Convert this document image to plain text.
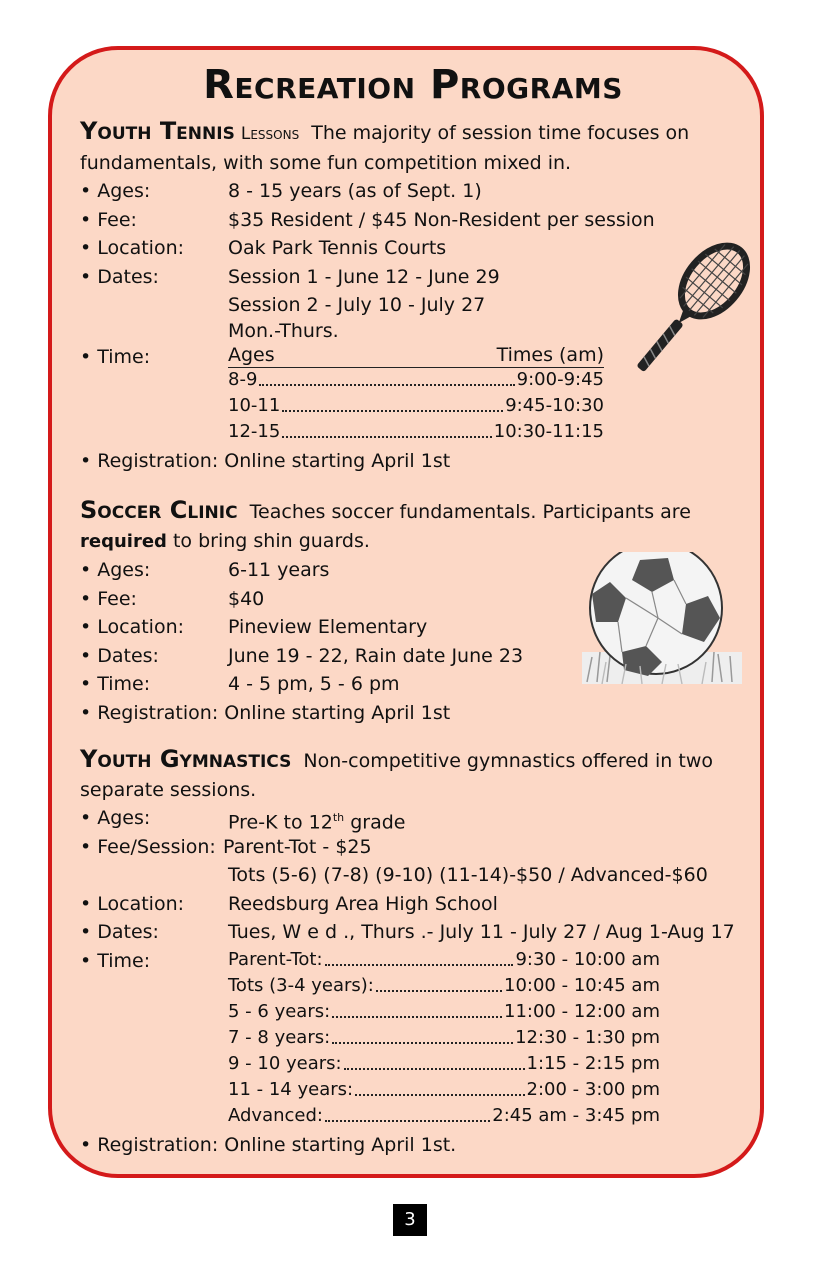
Recreation Programs

Youth Tennis Lessons The majority of session time focuses on fundamentals, with some fun competition mixed in.

• Ages:	8 - 15 years (as of Sept. 1)
• Fee:	$35 Resident / $45 Non-Resident per session
• Location: Oak Park Tennis Courts
• Dates:	Session 1 - June 12 - June 29
Session 2 - July 10 - July 27
Mon.-Thurs.
• Time:	Ages	Times (am)
8-9	9:00-9:45
10-11	9:45-10:30
12-15	10:30-11:15
• Registration: Online starting April 1st

Soccer Clinic Teaches soccer fundamentals. Participants are
required to bring shin guards.

• Ages:	6-11 years
• Fee:	$40
• Location: Pineview Elementary
• Dates:	June 19 - 22, Rain date June 23
• Time:	4 - 5 pm, 5 - 6 pm
• Registration: Online starting April 1st

Youth Gymnastics Non-competitive gymnastics offered in two separate sessions.

• Ages:	Pre-K to 12th grade
• Fee/Session: Parent-Tot - $25
Tots (5-6) (7-8) (9-10) (11-14)-$50 / Advanced-$60
• Location: Reedsburg Area High School
• Dates:	Tues, W e d ., Thurs .- July 11 - July 27 / Aug 1-Aug 17
• Time:	Parent-Tot:	9:30 - 10:00 am
Tots (3-4 years):	10:00 - 10:45 am
5 - 6 years:	11:00 - 12:00 am
7 - 8 years:	12:30 - 1:30 pm
9 - 10 years:	1:15 - 2:15 pm
11 - 14 years:	2:00 - 3:00 pm
Advanced:	2:45 am - 3:45 pm
• Registration: Online starting April 1st.
3
